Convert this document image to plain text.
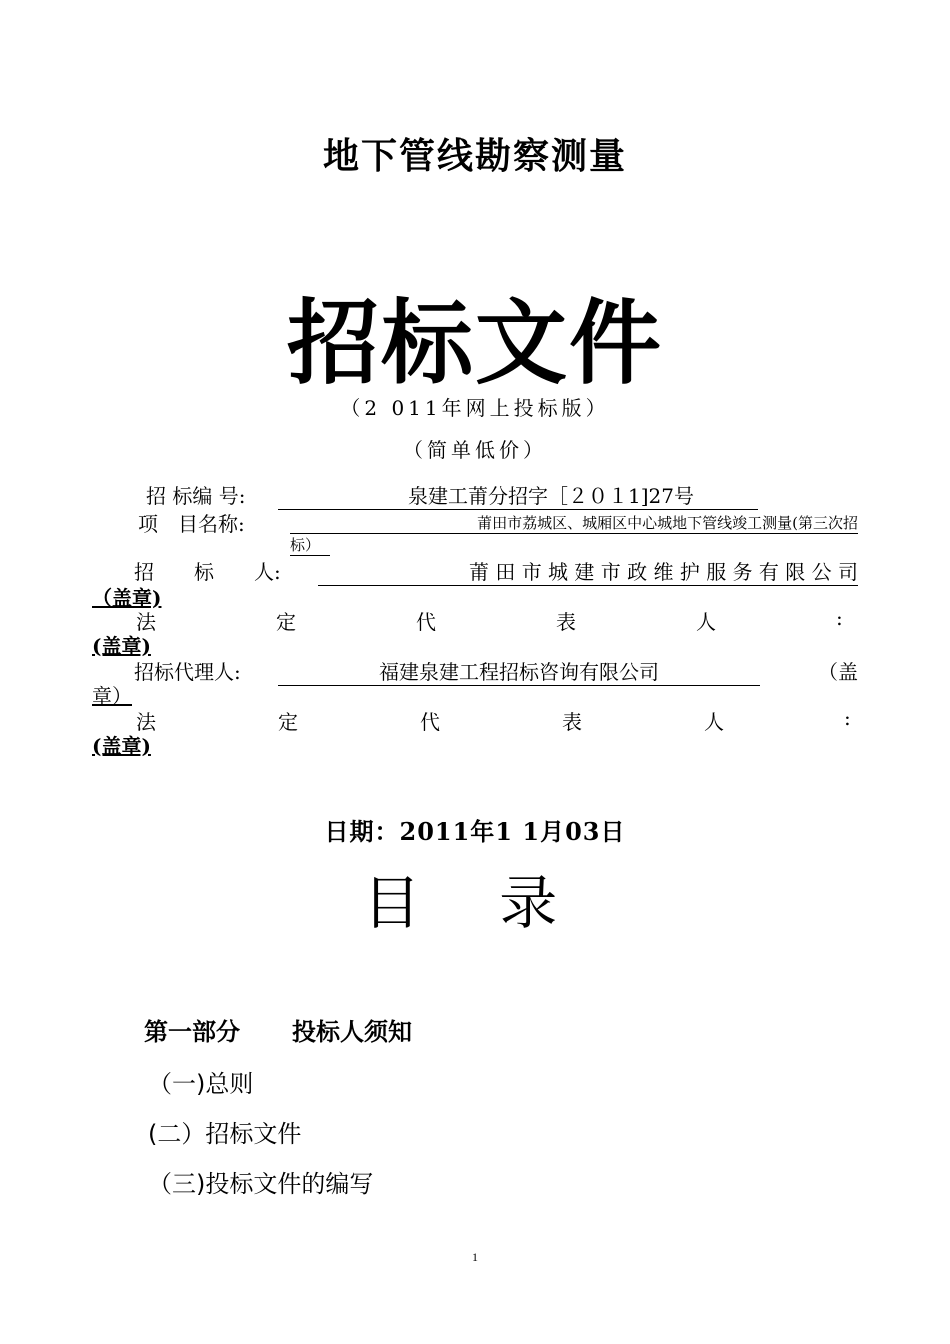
地下管线勘察测量
招标文件
（2 011年网上投标版）
（简单低价）
招 标编 号:	泉建工莆分招字［２０１1]27号
项　目名称:	莆田市荔城区、城厢区中心城地下管线竣工测量(第三次招
标）
招　　标　　人:	莆 田 市 城 建 市 政 维 护 服 务 有 限 公 司
（盖章)
法	定	代	表	人	:
(盖章)
招标代理人:	福建泉建工程招标咨询有限公司	（盖
章）
法	定	代	表	人	:
(盖章)
日期：2011年1 1月03日
目 录
第一部分 投标人须知
（一)总则
(二）招标文件
（三)投标文件的编写
1
